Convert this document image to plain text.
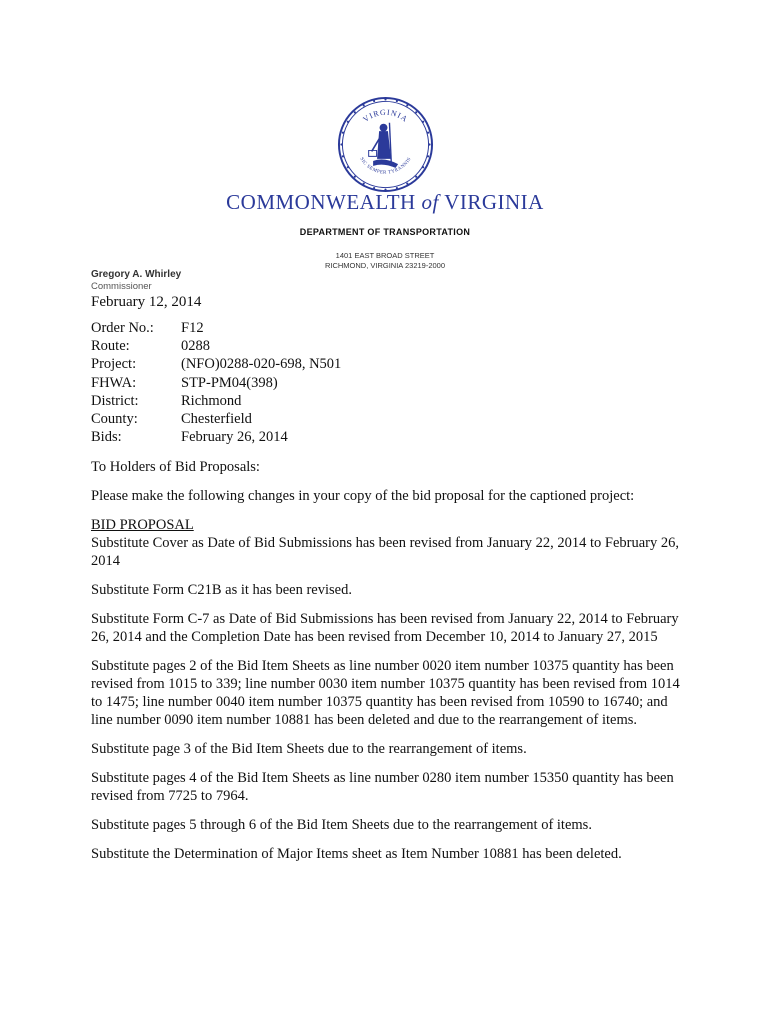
VIRGINIA
SIC SEMPER TYRANNIS
COMMONWEALTH of VIRGINIA
DEPARTMENT OF TRANSPORTATION
1401 EAST BROAD STREET
RICHMOND, VIRGINIA 23219-2000
Gregory A. Whirley
Commissioner
February 12, 2014
Order No.:	F12
Route:	0288
Project:	(NFO)0288-020-698, N501
FHWA:	STP-PM04(398)
District:	Richmond
County:	Chesterfield
Bids:	February 26, 2014

To Holders of Bid Proposals:

Please make the following changes in your copy of the bid proposal for the captioned project:

BID PROPOSAL

Substitute Cover as Date of Bid Submissions has been revised from January 22, 2014 to February 26, 2014

Substitute Form C21B as it has been revised.

Substitute Form C-7 as Date of Bid Submissions has been revised from January 22, 2014 to February 26, 2014 and the Completion Date has been revised from December 10, 2014 to January 27, 2015

Substitute pages 2 of the Bid Item Sheets as line number 0020 item number 10375 quantity has been revised from 1015 to 339; line number 0030 item number 10375 quantity has been revised from 1014 to 1475; line number 0040 item number 10375 quantity has been revised from 10590 to 16740; and line number 0090 item number 10881 has been deleted and due to the rearrangement of items.

Substitute page 3 of the Bid Item Sheets due to the rearrangement of items.

Substitute pages 4 of the Bid Item Sheets as line number 0280 item number 15350 quantity has been revised from 7725 to 7964.

Substitute pages 5 through 6 of the Bid Item Sheets due to the rearrangement of items.

Substitute the Determination of Major Items sheet as Item Number 10881 has been deleted.
